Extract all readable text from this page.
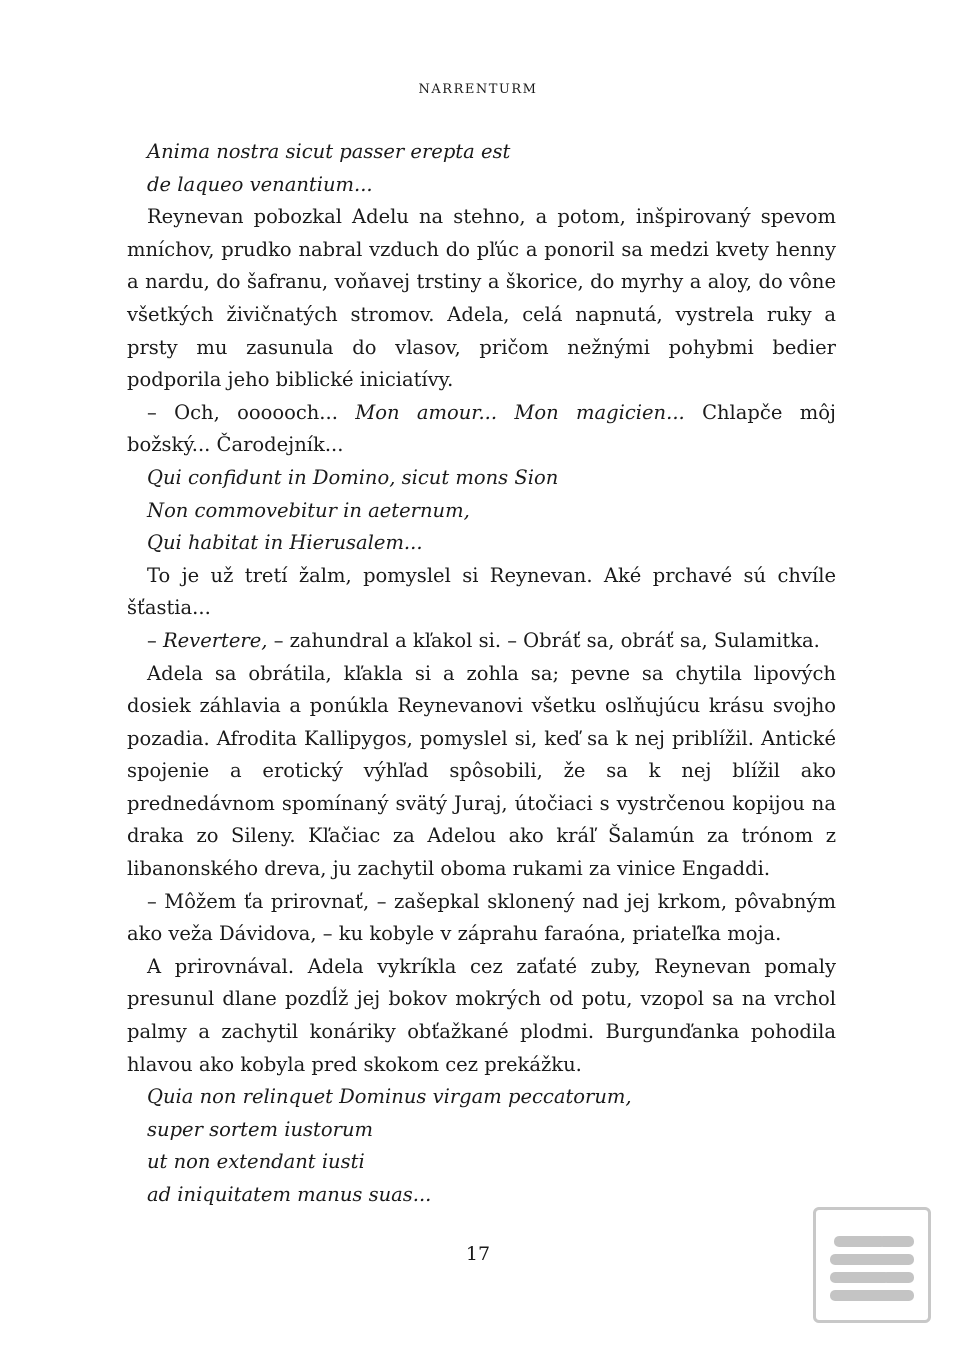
NARRENTURM

Anima nostra sicut passer erepta est

de laqueo venantium...

Reynevan pobozkal Adelu na stehno, a potom, inšpirovaný spevom mníchov, prudko nabral vzduch do pľúc a ponoril sa medzi kvety henny a nardu, do šafranu, voňavej trstiny a škorice, do myrhy a aloy, do vône všetkých živičnatých stromov. Adela, celá napnutá, vystrela ruky a prsty mu zasunula do vlasov, pričom nežnými pohybmi bedier podporila jeho biblické iniciatívy.

– Och, oooooch... Mon amour... Mon magicien... Chlapče môj božský... Čarodejník...

Qui confidunt in Domino, sicut mons Sion

Non commovebitur in aeternum,

Qui habitat in Hierusalem...

To je už tretí žalm, pomyslel si Reynevan. Aké prchavé sú chvíle šťastia...

– Revertere, – zahundral a kľakol si. – Obráť sa, obráť sa, Sulamitka.

Adela sa obrátila, kľakla si a zohla sa; pevne sa chytila lipových dosiek záhlavia a ponúkla Reynevanovi všetku oslňujúcu krásu svojho pozadia. Afrodita Kallipygos, pomyslel si, keď sa k nej priblížil. Antické spojenie a erotický výhľad spôsobili, že sa k nej blížil ako prednedávnom spomínaný svätý Juraj, útočiaci s vystrčenou kopijou na draka zo Sileny. Kľačiac za Adelou ako kráľ Šalamún za trónom z libanonského dreva, ju zachytil oboma rukami za vinice Engaddi.

– Môžem ťa prirovnať, – zašepkal sklonený nad jej krkom, pôvabným ako veža Dávidova, – ku kobyle v záprahu faraóna, priateľka moja.

A prirovnával. Adela vykríkla cez zaťaté zuby, Reynevan pomaly presunul dlane pozdĺž jej bokov mokrých od potu, vzopol sa na vrchol palmy a zachytil konáriky obťažkané plodmi. Burgunďanka pohodila hlavou ako kobyla pred skokom cez prekážku.

Quia non relinquet Dominus virgam peccatorum,

super sortem iustorum

ut non extendant iusti

ad iniquitatem manus suas...

17
